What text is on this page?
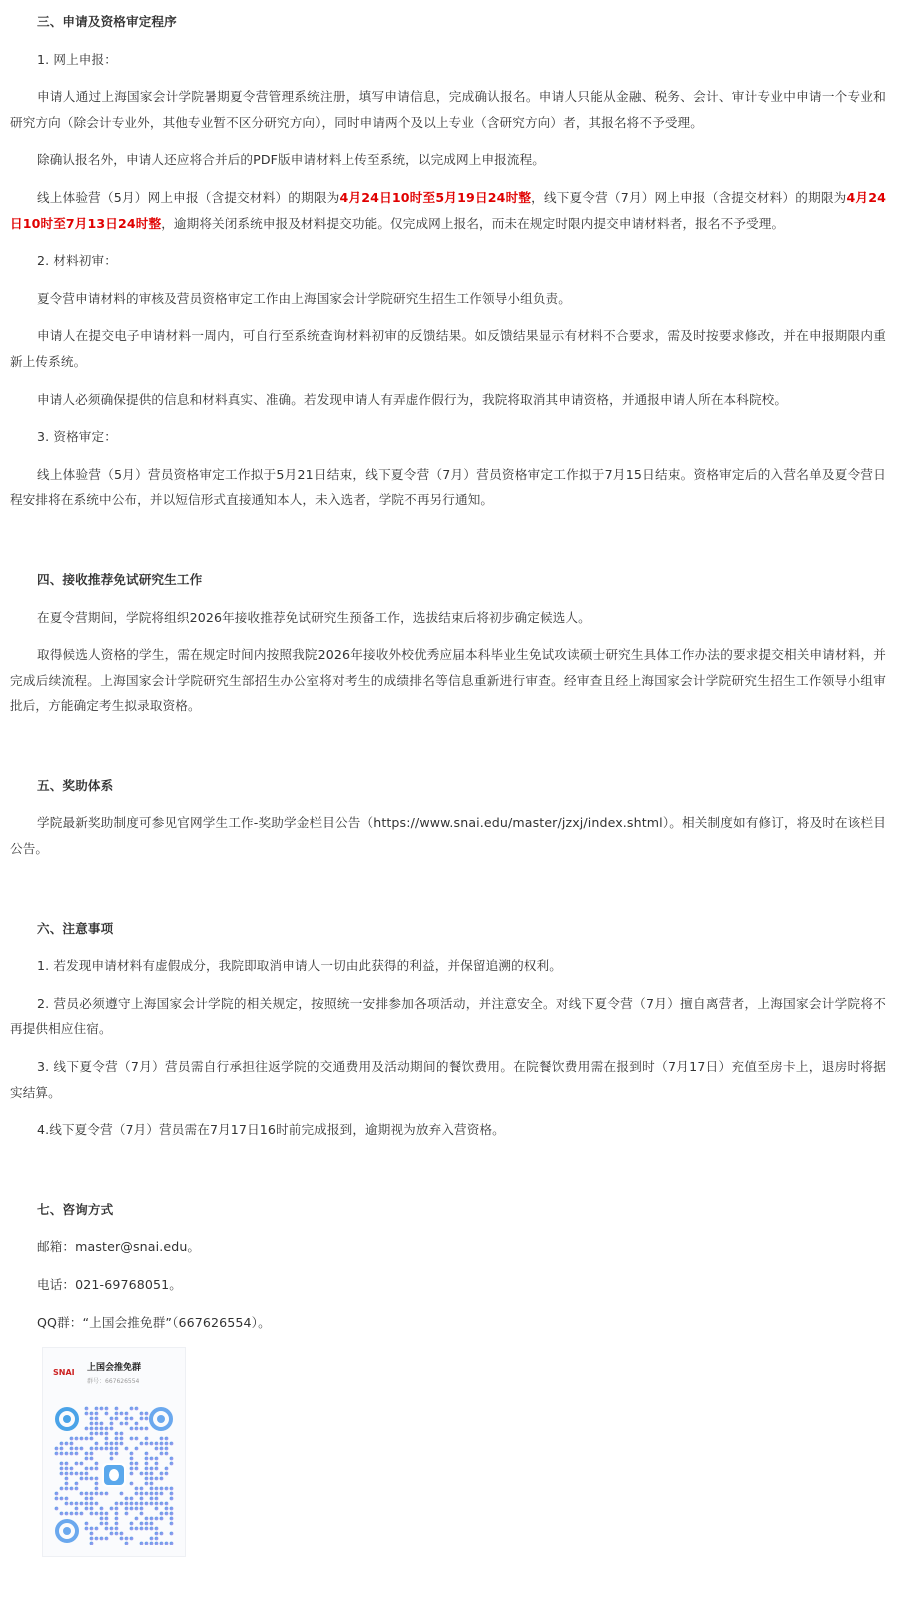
三、申请及资格审定程序

1. 网上申报：

申请人通过上海国家会计学院暑期夏令营管理系统注册，填写申请信息，完成确认报名。申请人只能从金融、税务、会计、审计专业中申请一个专业和研究方向（除会计专业外，其他专业暂不区分研究方向），同时申请两个及以上专业（含研究方向）者，其报名将不予受理。

除确认报名外，申请人还应将合并后的PDF版申请材料上传至系统，以完成网上申报流程。

线上体验营（5月）网上申报（含提交材料）的期限为4月24日10时至5月19日24时整，线下夏令营（7月）网上申报（含提交材料）的期限为4月24日10时至7月13日24时整，逾期将关闭系统申报及材料提交功能。仅完成网上报名，而未在规定时限内提交申请材料者，报名不予受理。

2. 材料初审：

夏令营申请材料的审核及营员资格审定工作由上海国家会计学院研究生招生工作领导小组负责。

申请人在提交电子申请材料一周内，可自行至系统查询材料初审的反馈结果。如反馈结果显示有材料不合要求，需及时按要求修改，并在申报期限内重新上传系统。

申请人必须确保提供的信息和材料真实、准确。若发现申请人有弄虚作假行为，我院将取消其申请资格，并通报申请人所在本科院校。

3. 资格审定：

线上体验营（5月）营员资格审定工作拟于5月21日结束，线下夏令营（7月）营员资格审定工作拟于7月15日结束。资格审定后的入营名单及夏令营日程安排将在系统中公布，并以短信形式直接通知本人，未入选者，学院不再另行通知。

四、接收推荐免试研究生工作

在夏令营期间，学院将组织2026年接收推荐免试研究生预备工作，选拔结束后将初步确定候选人。

取得候选人资格的学生，需在规定时间内按照我院2026年接收外校优秀应届本科毕业生免试攻读硕士研究生具体工作办法的要求提交相关申请材料，并完成后续流程。上海国家会计学院研究生部招生办公室将对考生的成绩排名等信息重新进行审查。经审查且经上海国家会计学院研究生招生工作领导小组审批后，方能确定考生拟录取资格。

五、奖助体系

学院最新奖助制度可参见官网学生工作-奖助学金栏目公告（https://www.snai.edu/master/jzxj/index.shtml）。相关制度如有修订，将及时在该栏目公告。

六、注意事项

1. 若发现申请材料有虚假成分，我院即取消申请人一切由此获得的利益，并保留追溯的权利。

2. 营员必须遵守上海国家会计学院的相关规定，按照统一安排参加各项活动，并注意安全。对线下夏令营（7月）擅自离营者，上海国家会计学院将不再提供相应住宿。

3. 线下夏令营（7月）营员需自行承担往返学院的交通费用及活动期间的餐饮费用。在院餐饮费用需在报到时（7月17日）充值至房卡上，退房时将据实结算。

4.线下夏令营（7月）营员需在7月17日16时前完成报到，逾期视为放弃入营资格。

七、咨询方式

邮箱：master@snai.edu。

电话：021-69768051。

QQ群：“上国会推免群”（667626554）。

SNAI	上国会推免群
群号：667626554
